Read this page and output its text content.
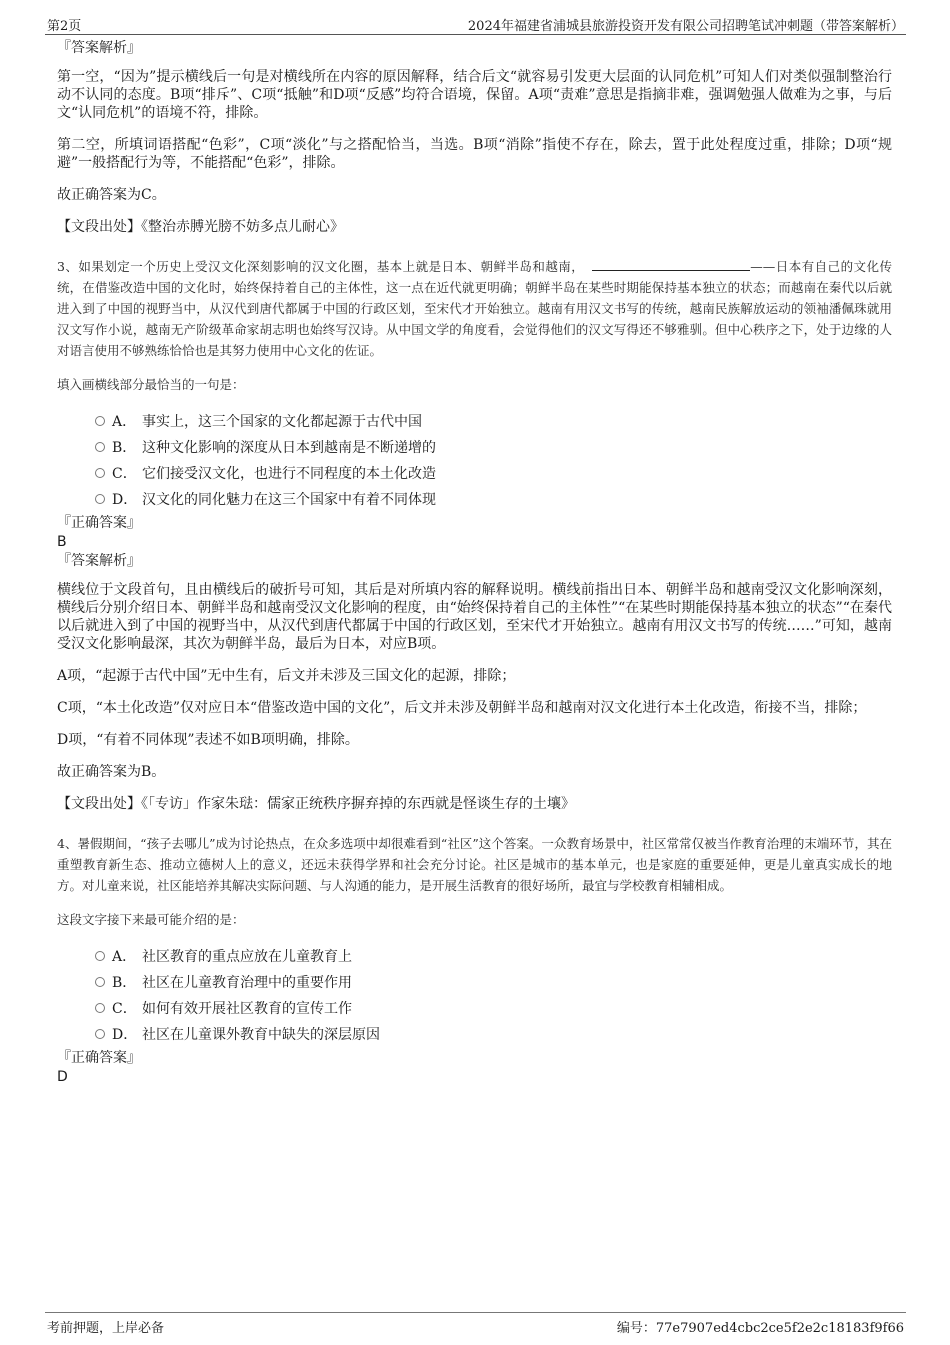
第2页	2024年福建省浦城县旅游投资开发有限公司招聘笔试冲刺题（带答案解析）

『答案解析』

第一空，“因为”提示横线后一句是对横线所在内容的原因解释，结合后文“就容易引发更大层面的认同危机”可知人们对类似强制整治行动不认同的态度。B项“排斥”、C项“抵触”和D项“反感”均符合语境，保留。A项“责难”意思是指摘非难，强调勉强人做难为之事，与后文“认同危机”的语境不符，排除。

第二空，所填词语搭配“色彩”，C项“淡化”与之搭配恰当，当选。B项“消除”指使不存在，除去，置于此处程度过重，排除；D项“规避”一般搭配行为等，不能搭配“色彩”，排除。

故正确答案为C。

【文段出处】《整治赤膊光膀不妨多点儿耐心》

3、如果划定一个历史上受汉文化深刻影响的汉文化圈，基本上就是日本、朝鲜半岛和越南，	——日本有自己的文化传统，在借鉴改造中国的文化时，始终保持着自己的主体性，这一点在近代就更明确；朝鲜半岛在某些时期能保持基本独立的状态；而越南在秦代以后就进入到了中国的视野当中，从汉代到唐代都属于中国的行政区划，至宋代才开始独立。越南有用汉文书写的传统，越南民族解放运动的领袖潘佩珠就用汉文写作小说，越南无产阶级革命家胡志明也始终写汉诗。从中国文学的角度看，会觉得他们的汉文写得还不够雅驯。但中心秩序之下，处于边缘的人对语言使用不够熟练恰恰也是其努力使用中心文化的佐证。

填入画横线部分最恰当的一句是：

A． 事实上，这三个国家的文化都起源于古代中国
B． 这种文化影响的深度从日本到越南是不断递增的
C． 它们接受汉文化，也进行不同程度的本土化改造
D． 汉文化的同化魅力在这三个国家中有着不同体现

『正确答案』

B

『答案解析』

横线位于文段首句，且由横线后的破折号可知，其后是对所填内容的解释说明。横线前指出日本、朝鲜半岛和越南受汉文化影响深刻，横线后分别介绍日本、朝鲜半岛和越南受汉文化影响的程度，由“始终保持着自己的主体性”“在某些时期能保持基本独立的状态”“在秦代以后就进入到了中国的视野当中，从汉代到唐代都属于中国的行政区划，至宋代才开始独立。越南有用汉文书写的传统……”可知，越南受汉文化影响最深，其次为朝鲜半岛，最后为日本，对应B项。

A项，“起源于古代中国”无中生有，后文并未涉及三国文化的起源，排除；

C项，“本土化改造”仅对应日本“借鉴改造中国的文化”，后文并未涉及朝鲜半岛和越南对汉文化进行本土化改造，衔接不当，排除；

D项，“有着不同体现”表述不如B项明确，排除。

故正确答案为B。

【文段出处】《「专访」作家朱琺：儒家正统秩序摒弃掉的东西就是怪谈生存的土壤》

4、暑假期间，“孩子去哪儿”成为讨论热点，在众多选项中却很难看到“社区”这个答案。一众教育场景中，社区常常仅被当作教育治理的末端环节，其在重塑教育新生态、推动立德树人上的意义，还远未获得学界和社会充分讨论。社区是城市的基本单元，也是家庭的重要延伸，更是儿童真实成长的地方。对儿童来说，社区能培养其解决实际问题、与人沟通的能力，是开展生活教育的很好场所，最宜与学校教育相辅相成。

这段文字接下来最可能介绍的是：

A． 社区教育的重点应放在儿童教育上
B． 社区在儿童教育治理中的重要作用
C． 如何有效开展社区教育的宣传工作
D． 社区在儿童课外教育中缺失的深层原因

『正确答案』

D

考前押题，上岸必备	编号：77e7907ed4cbc2ce5f2e2c18183f9f66
